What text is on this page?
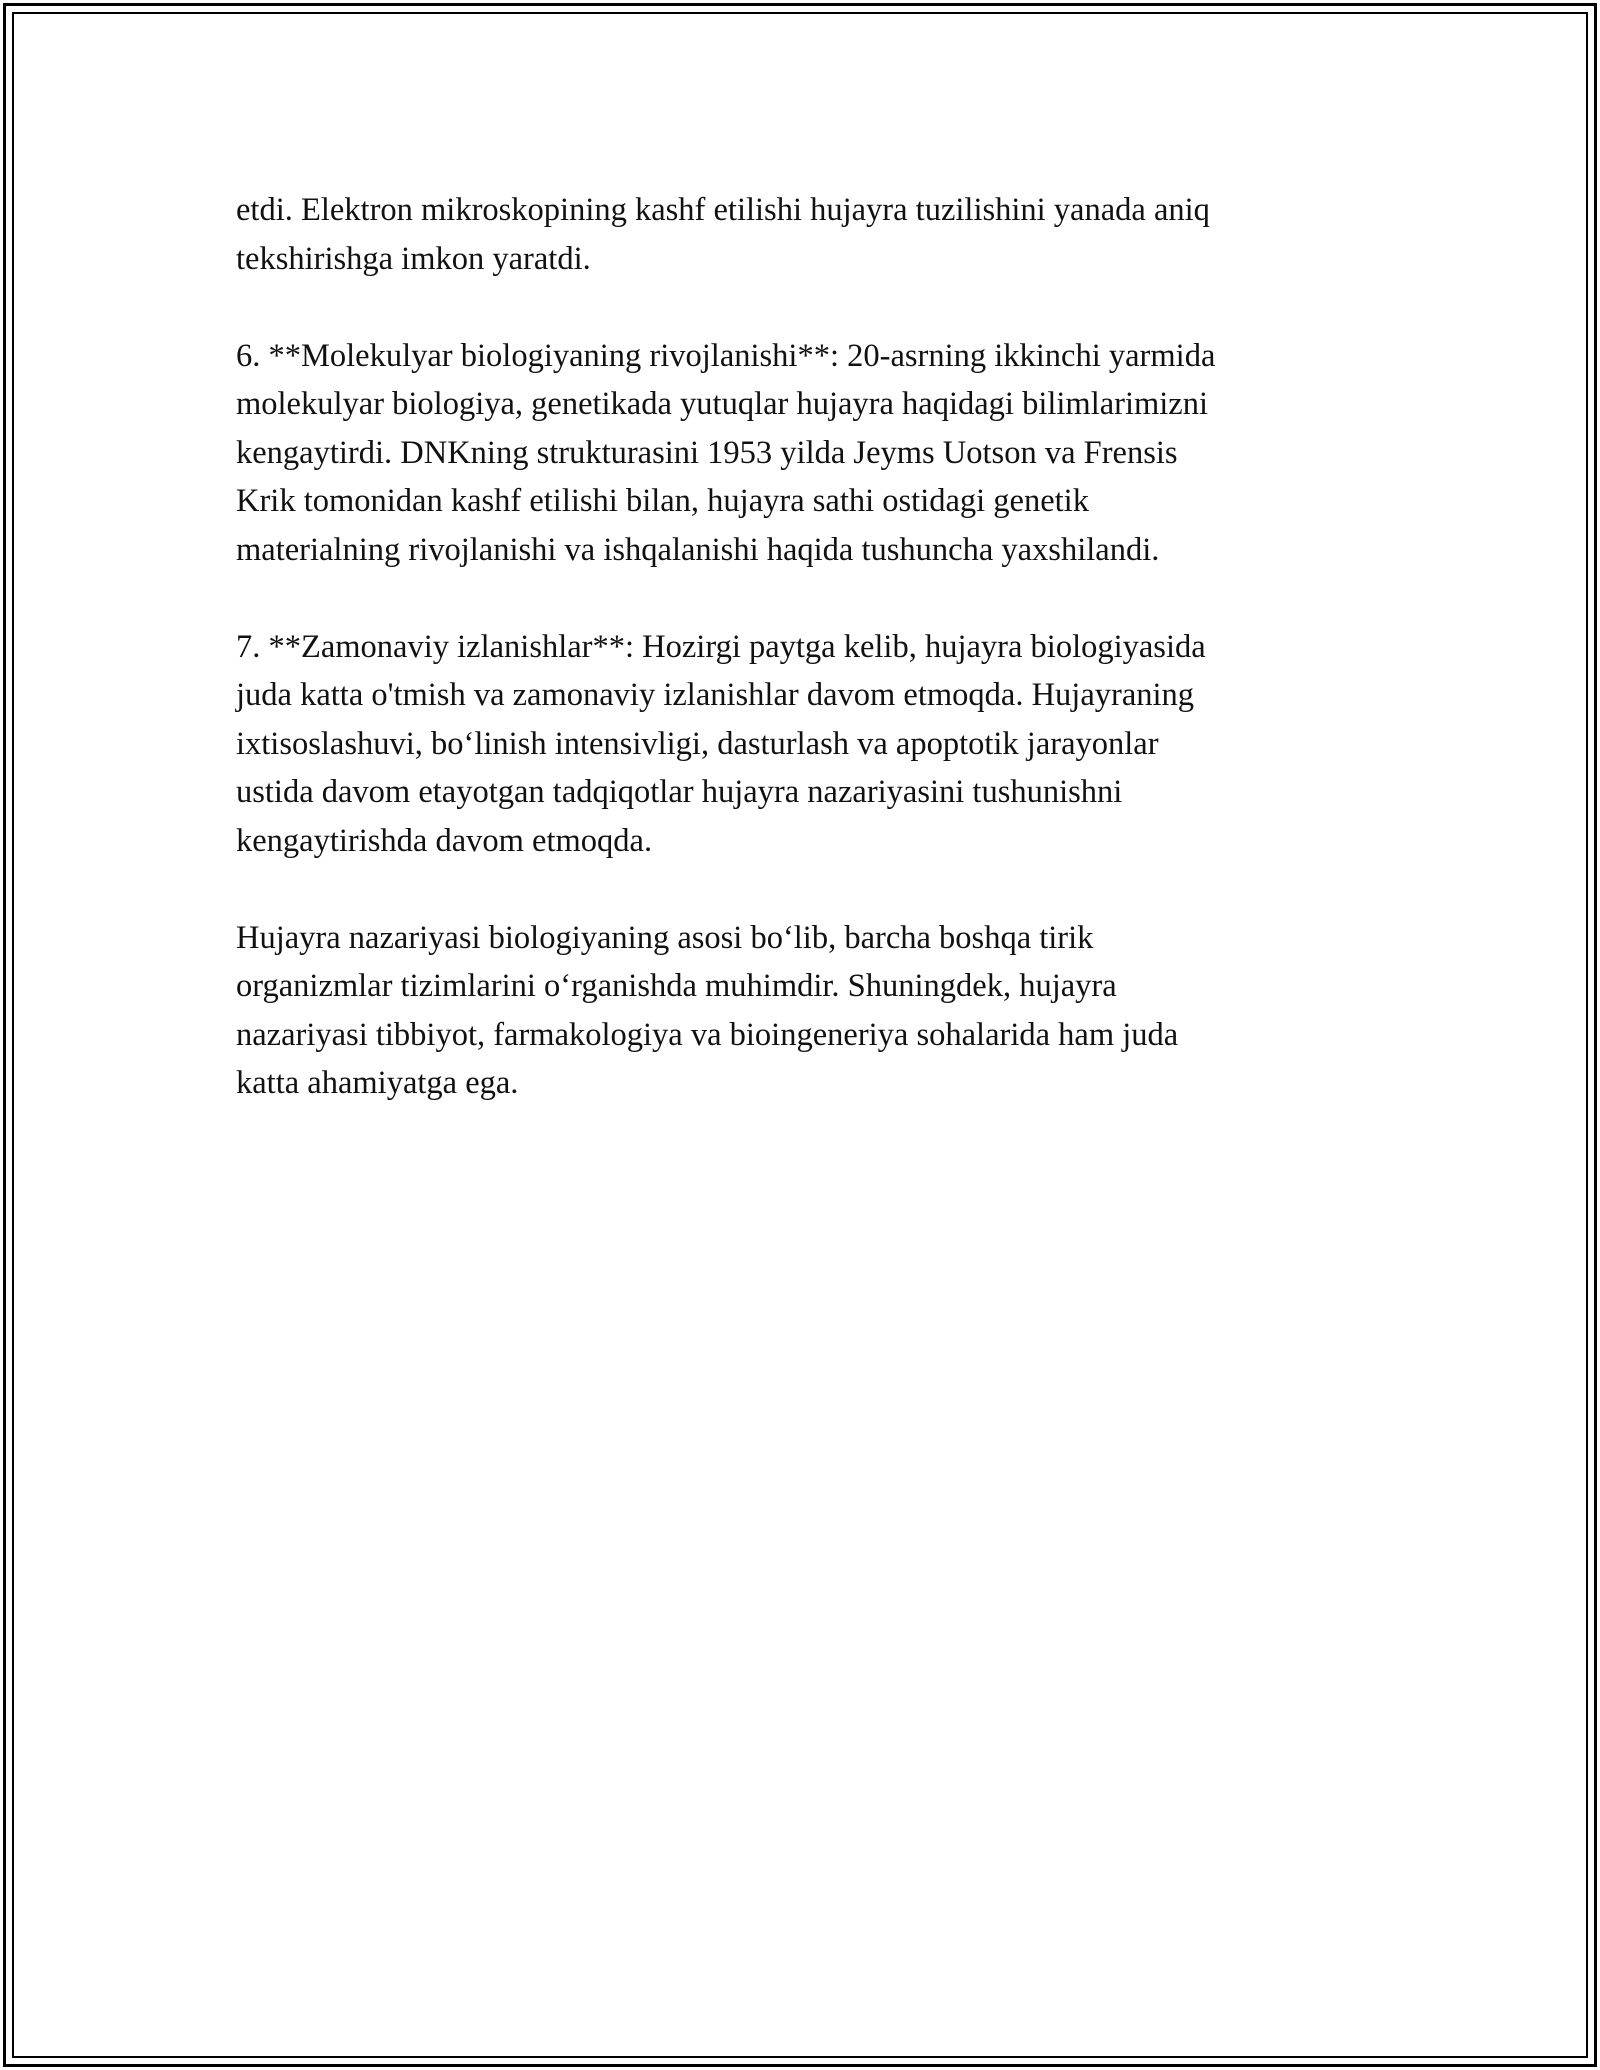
etdi. Elektron mikroskopining kashf etilishi hujayra tuzilishini yanada aniq
tekshirishga imkon yaratdi.

6. **Molekulyar biologiyaning rivojlanishi**: 20-asrning ikkinchi yarmida
molekulyar biologiya, genetikada yutuqlar hujayra haqidagi bilimlarimizni
kengaytirdi. DNKning strukturasini 1953 yilda Jeyms Uotson va Frensis
Krik tomonidan kashf etilishi bilan, hujayra sathi ostidagi genetik
materialning rivojlanishi va ishqalanishi haqida tushuncha yaxshilandi.

7. **Zamonaviy izlanishlar**: Hozirgi paytga kelib, hujayra biologiyasida
juda katta o'tmish va zamonaviy izlanishlar davom etmoqda. Hujayraning
ixtisoslashuvi, bo‘linish intensivligi, dasturlash va apoptotik jarayonlar
ustida davom etayotgan tadqiqotlar hujayra nazariyasini tushunishni
kengaytirishda davom etmoqda.

Hujayra nazariyasi biologiyaning asosi bo‘lib, barcha boshqa tirik
organizmlar tizimlarini o‘rganishda muhimdir. Shuningdek, hujayra
nazariyasi tibbiyot, farmakologiya va bioingeneriya sohalarida ham juda
katta ahamiyatga ega.
